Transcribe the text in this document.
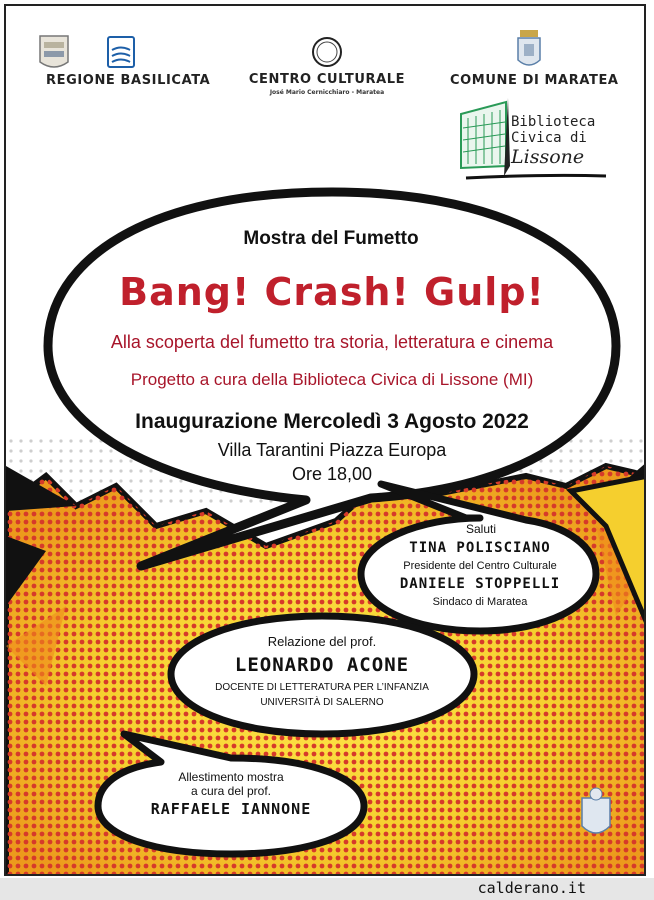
REGIONE BASILICATA	CENTRO CULTURALE
José Mario Cernicchiaro - Maratea
COMUNE DI MARATEA
Biblioteca
Civica di
Lissone
Mostra del Fumetto
Bang! Crash! Gulp!
Alla scoperta del fumetto tra storia, letteratura e cinema
Progetto a cura della Biblioteca Civica di Lissone (MI)
Inaugurazione Mercoledì 3 Agosto 2022
Villa Tarantini Piazza Europa
Ore 18,00
Saluti
TINA POLISCIANO
Presidente del Centro Culturale
DANIELE STOPPELLI
Sindaco di Maratea
Relazione del prof.
LEONARDO ACONE
DOCENTE DI LETTERATURA PER L’INFANZIA
UNIVERSITÀ DI SALERNO
Allestimento mostra
a cura del prof.
RAFFAELE IANNONE
calderano.it
